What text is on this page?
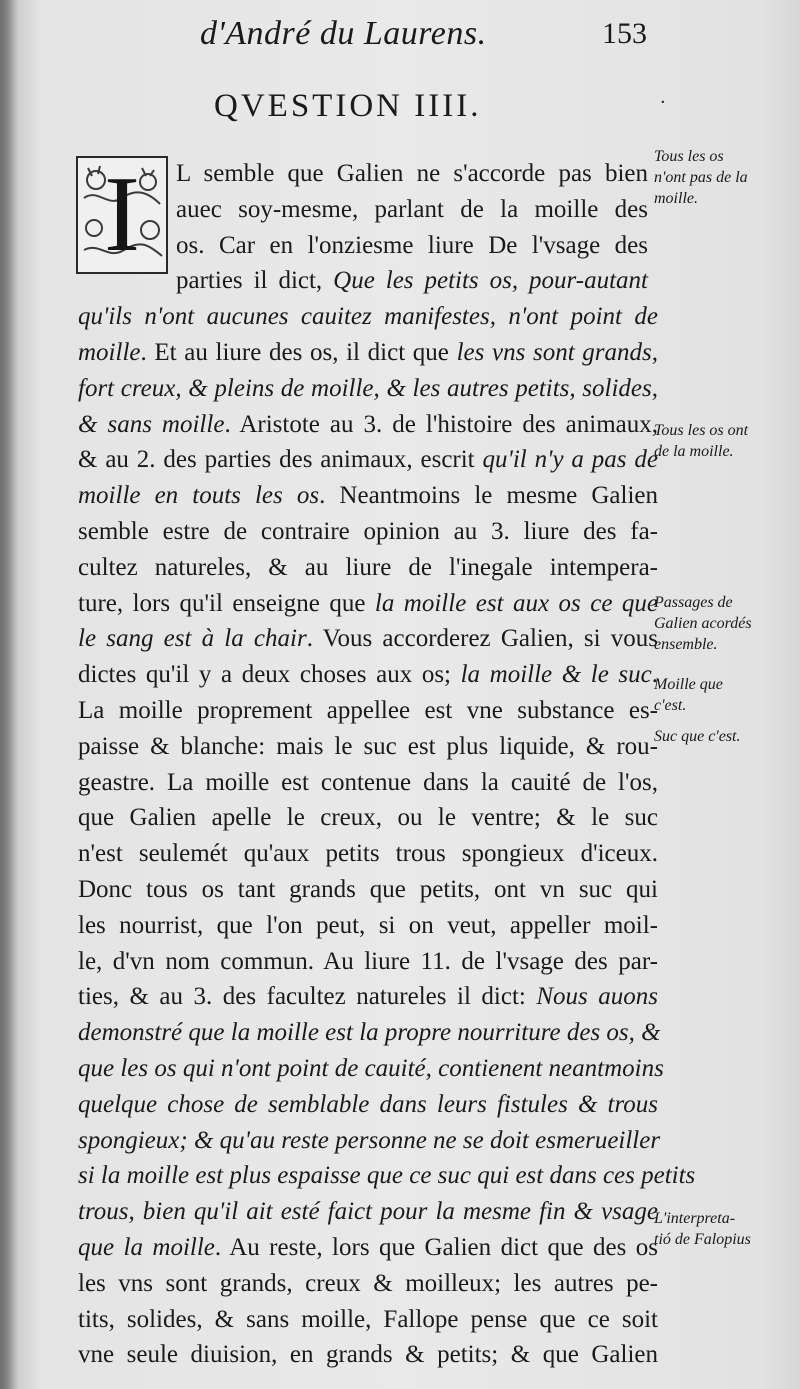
d'André du Laurens.	153
QVESTION IIII.	·
I	L semble que Galien ne s'accorde pas bien
auec soy-mesme, parlant de la moille des
os. Car en l'onziesme liure De l'vsage des
parties il dict, Que les petits os, pour-autant
qu'ils n'ont aucunes cauitez manifestes, n'ont point de
moille. Et au liure des os, il dict que les vns sont grands,
fort creux, & pleins de moille, & les autres petits, solides,
& sans moille. Aristote au 3. de l'histoire des animaux,
& au 2. des parties des animaux, escrit qu'il n'y a pas de
moille en touts les os. Neantmoins le mesme Galien
semble estre de contraire opinion au 3. liure des fa-
cultez natureles, & au liure de l'inegale intempera-
ture, lors qu'il enseigne que la moille est aux os ce que
le sang est à la chair. Vous accorderez Galien, si vous
dictes qu'il y a deux choses aux os; la moille & le suc.
La moille proprement appellee est vne substance es-
paisse & blanche: mais le suc est plus liquide, & rou-
geastre. La moille est contenue dans la cauité de l'os,
que Galien apelle le creux, ou le ventre; & le suc
n'est seulemét qu'aux petits trous spongieux d'iceux.
Donc tous os tant grands que petits, ont vn suc qui
les nourrist, que l'on peut, si on veut, appeller moil-
le, d'vn nom commun. Au liure 11. de l'vsage des par-
ties, & au 3. des facultez natureles il dict: Nous auons
demonstré que la moille est la propre nourriture des os, &
que les os qui n'ont point de cauité, contienent neantmoins
quelque chose de semblable dans leurs fistules & trous
spongieux; & qu'au reste personne ne se doit esmerueiller
si la moille est plus espaisse que ce suc qui est dans ces petits
trous, bien qu'il ait esté faict pour la mesme fin & vsage
que la moille. Au reste, lors que Galien dict que des os
les vns sont grands, creux & moilleux; les autres pe-
tits, solides, & sans moille, Fallope pense que ce soit
vne seule diuision, en grands & petits; & que Galien
Tous les os
n'ont pas de la
moille.
Tous les os ont
de la moille.
Passages de
Galien acordés
ensemble.
Moille que
c'est.
Suc que c'est.
L'interpreta-
tió de Falopius
